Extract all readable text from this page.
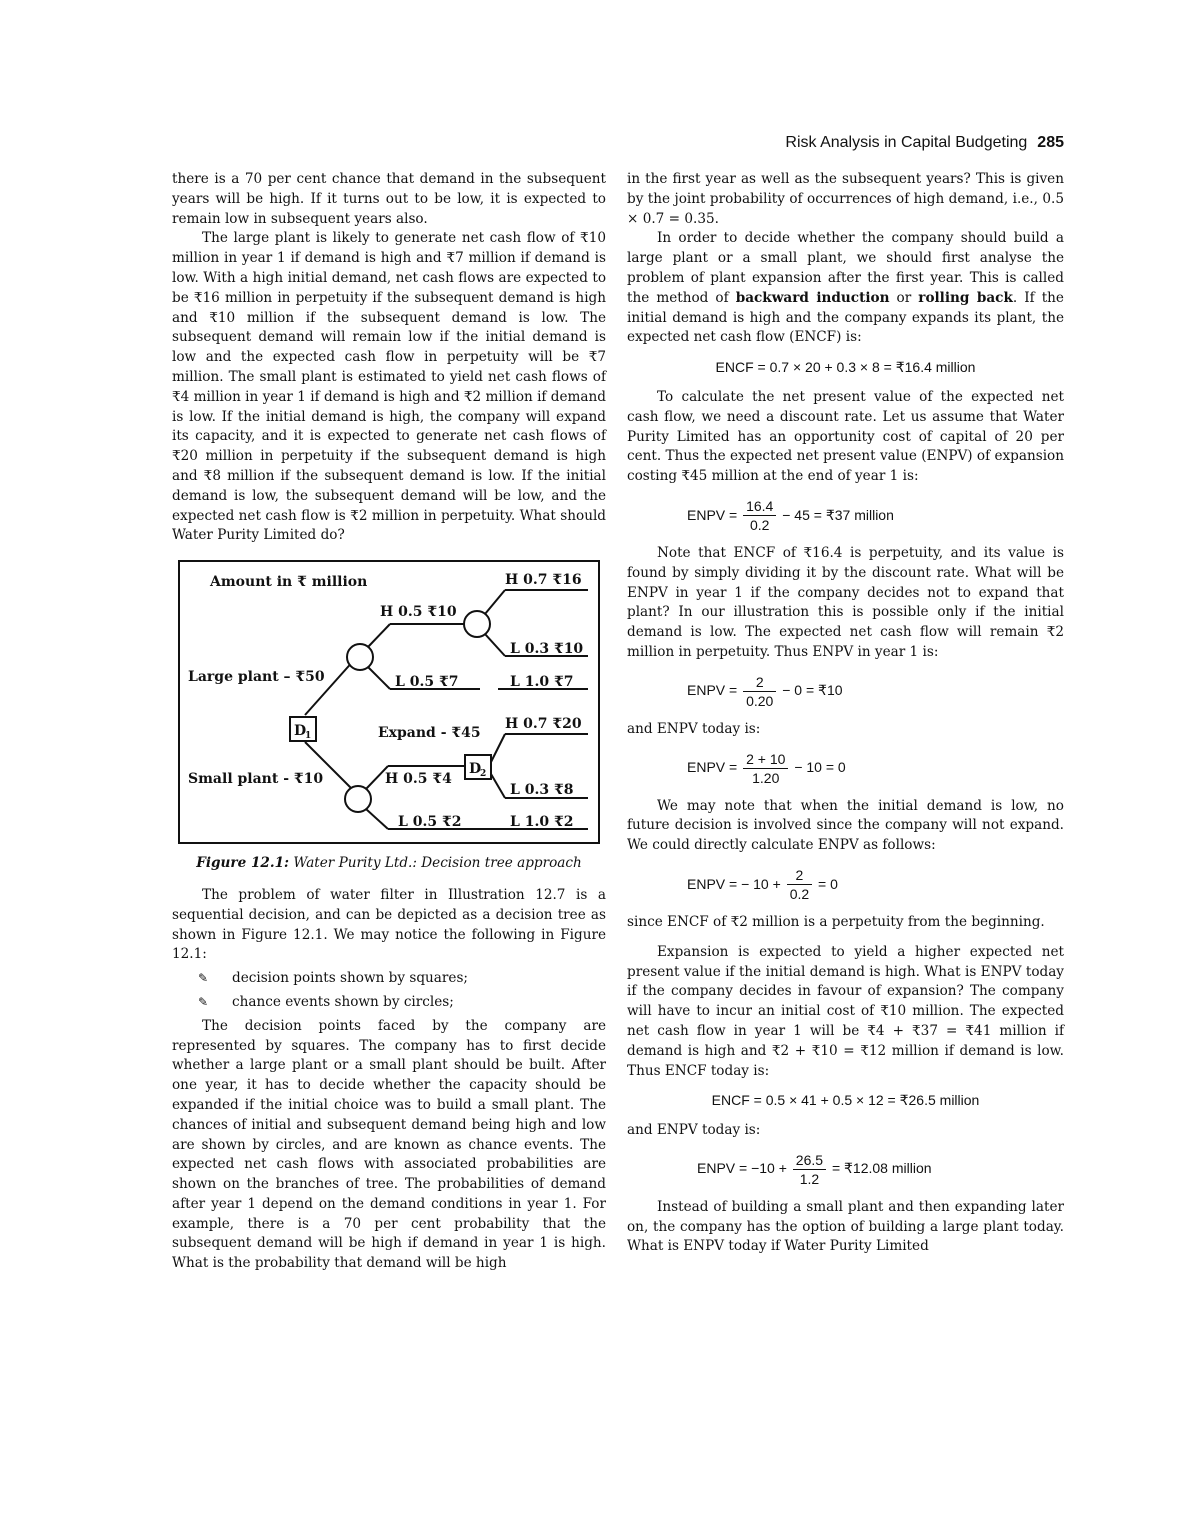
Risk Analysis in Capital Budgeting 285

there is a 70 per cent chance that demand in the subsequent years will be high. If it turns out to be low, it is expected to remain low in subsequent years also.

The large plant is likely to generate net cash flow of ₹10 million in year 1 if demand is high and ₹7 million if demand is low. With a high initial demand, net cash flows are expected to be ₹16 million in perpetuity if the subsequent demand is high and ₹10 million if the subsequent demand is low. The subsequent demand will remain low if the initial demand is low and the expected cash flow in perpetuity will be ₹7 million. The small plant is estimated to yield net cash flows of ₹4 million in year 1 if demand is high and ₹2 million if demand is low. If the initial demand is high, the company will expand its capacity, and it is expected to generate net cash flows of ₹20 million in perpetuity if the subsequent demand is high and ₹8 million if the subsequent demand is low. If the initial demand is low, the subsequent demand will be low, and the expected net cash flow is ₹2 million in perpetuity. What should Water Purity Limited do?

Amount in ₹ million
Large plant – ₹50
Small plant - ₹10
Expand - ₹45
H 0.5 ₹10
L 0.5 ₹7
H 0.7 ₹16
L 0.3 ₹10
L 1.0 ₹7
H 0.7 ₹20
H 0.5 ₹4
L 0.3 ₹8
L 0.5 ₹2	L 1.0 ₹2
D
1
D
2
Figure 12.1: Water Purity Ltd.: Decision tree approach

The problem of water filter in Illustration 12.7 is a sequential decision, and can be depicted as a decision tree as shown in Figure 12.1. We may notice the following in Figure 12.1:

✎ decision points shown by squares;
✎ chance events shown by circles;

The decision points faced by the company are represented by squares. The company has to first decide whether a large plant or a small plant should be built. After one year, it has to decide whether the capacity should be expanded if the initial choice was to build a small plant. The chances of initial and subsequent demand being high and low are shown by circles, and are known as chance events. The expected net cash flows with associated probabilities are shown on the branches of tree. The probabilities of demand after year 1 depend on the demand conditions in year 1. For example, there is a 70 per cent probability that the subsequent demand will be high if demand in year 1 is high. What is the probability that demand will be high

in the first year as well as the subsequent years? This is given by the joint probability of occurrences of high demand, i.e., 0.5 × 0.7 = 0.35.

In order to decide whether the company should build a large plant or a small plant, we should first analyse the problem of plant expansion after the first year. This is called the method of backward induction or rolling back. If the initial demand is high and the company expands its plant, the expected net cash flow (ENCF) is:

ENCF = 0.7 × 20 + 0.3 × 8 = ₹16.4 million

To calculate the net present value of the expected net cash flow, we need a discount rate. Let us assume that Water Purity Limited has an opportunity cost of capital of 20 per cent. Thus the expected net present value (ENPV) of expansion costing ₹45 million at the end of year 1 is:

ENPV = $\frac{16.4}{0.2} - 45$ = ₹37 million

Note that ENCF of ₹16.4 is perpetuity, and its value is found by simply dividing it by the discount rate. What will be ENPV in year 1 if the company decides not to expand that plant? In our illustration this is possible only if the initial demand is low. The expected net cash flow will remain ₹2 million in perpetuity. Thus ENPV in year 1 is:

ENPV = $\frac{2}{0.20} - 0$ = ₹10

and ENPV today is:

ENPV = $\frac{2 + 10}{1.20} - 10 = 0$

We may note that when the initial demand is low, no future decision is involved since the company will not expand. We could directly calculate ENPV as follows:

ENPV = − $10 + \frac{2}{0.2} = 0$

since ENCF of ₹2 million is a perpetuity from the beginning.

Expansion is expected to yield a higher expected net present value if the initial demand is high. What is ENPV today if the company decides in favour of expansion? The company will have to incur an initial cost of ₹10 million. The expected net cash flow in year 1 will be ₹4 + ₹37 = ₹41 million if demand is high and ₹2 + ₹10 = ₹12 million if demand is low. Thus ENCF today is:

ENCF = 0.5 × 41 + 0.5 × 12 = ₹26.5 million

and ENPV today is:

ENPV = $-10 + \frac{26.5}{1.2}$ = ₹12.08 million

Instead of building a small plant and then expanding later on, the company has the option of building a large plant today. What is ENPV today if Water Purity Limited
